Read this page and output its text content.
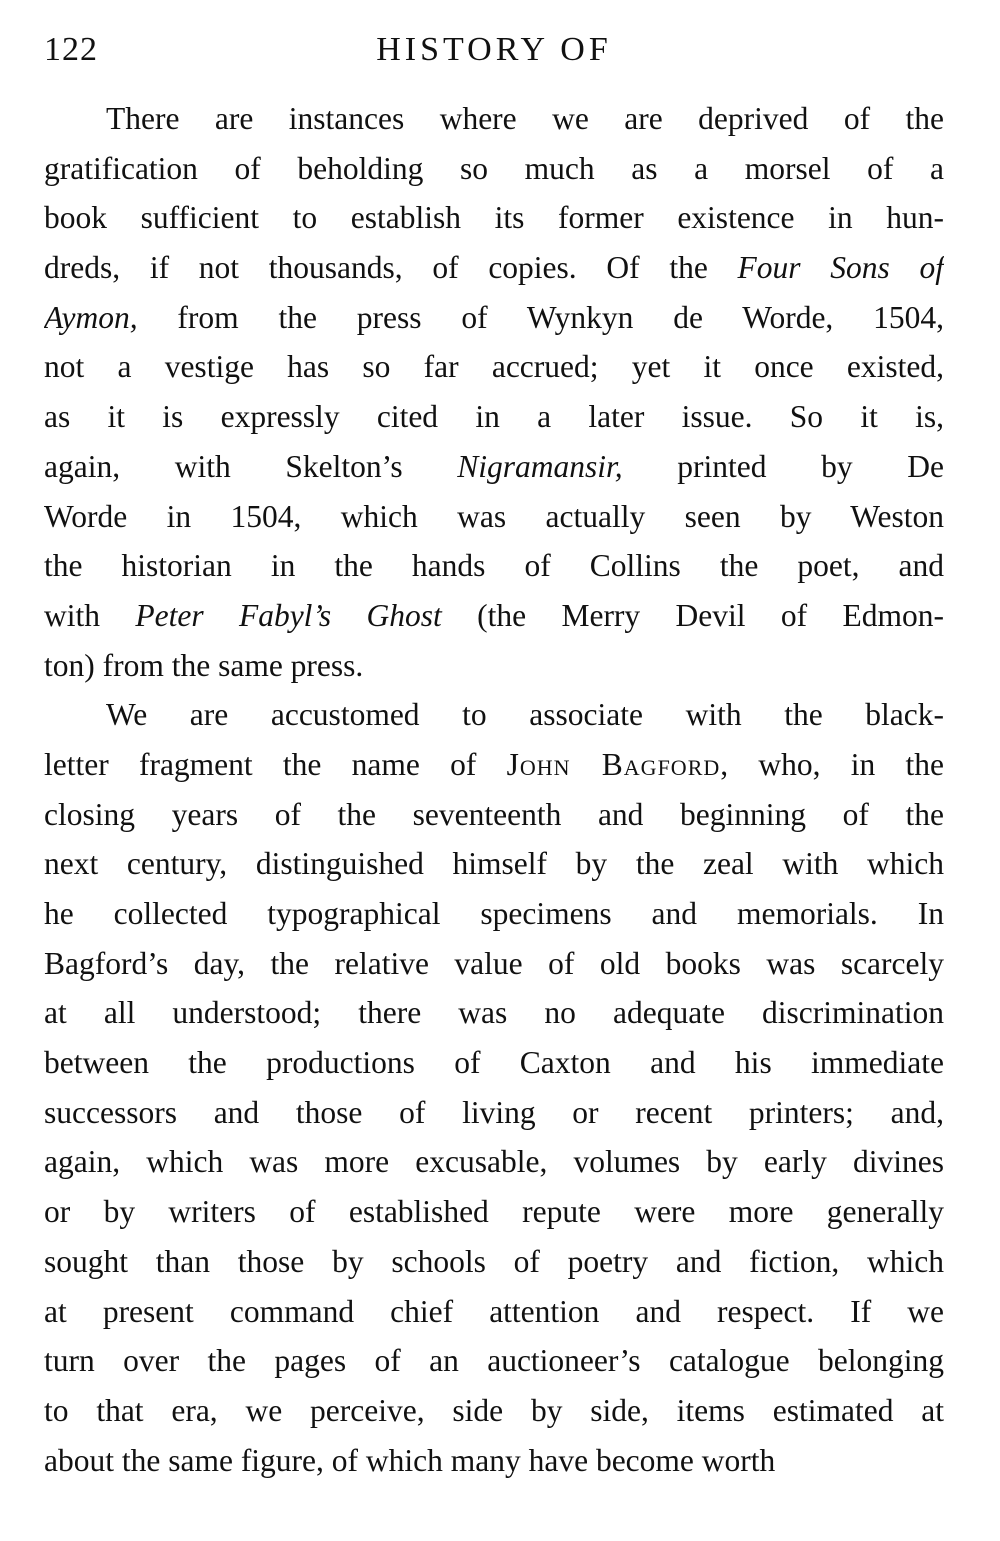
122	HISTORY OF
There are instances where we are deprived of the
gratification of beholding so much as a morsel of a
book sufficient to establish its former existence in hun-
dreds, if not thousands, of copies. Of the Four Sons of
Aymon, from the press of Wynkyn de Worde, 1504,
not a vestige has so far accrued; yet it once existed,
as it is expressly cited in a later issue. So it is,
again, with Skelton’s Nigramansir, printed by De
Worde in 1504, which was actually seen by Weston
the historian in the hands of Collins the poet, and
with Peter Fabyl’s Ghost (the Merry Devil of Edmon-
ton) from the same press.
We are accustomed to associate with the black-
letter fragment the name of John Bagford, who, in the
closing years of the seventeenth and beginning of the
next century, distinguished himself by the zeal with which
he collected typographical specimens and memorials. In
Bagford’s day, the relative value of old books was scarcely
at all understood; there was no adequate discrimination
between the productions of Caxton and his immediate
successors and those of living or recent printers; and,
again, which was more excusable, volumes by early divines
or by writers of established repute were more generally
sought than those by schools of poetry and fiction, which
at present command chief attention and respect. If we
turn over the pages of an auctioneer’s catalogue belonging
to that era, we perceive, side by side, items estimated at
about the same figure, of which many have become worth
